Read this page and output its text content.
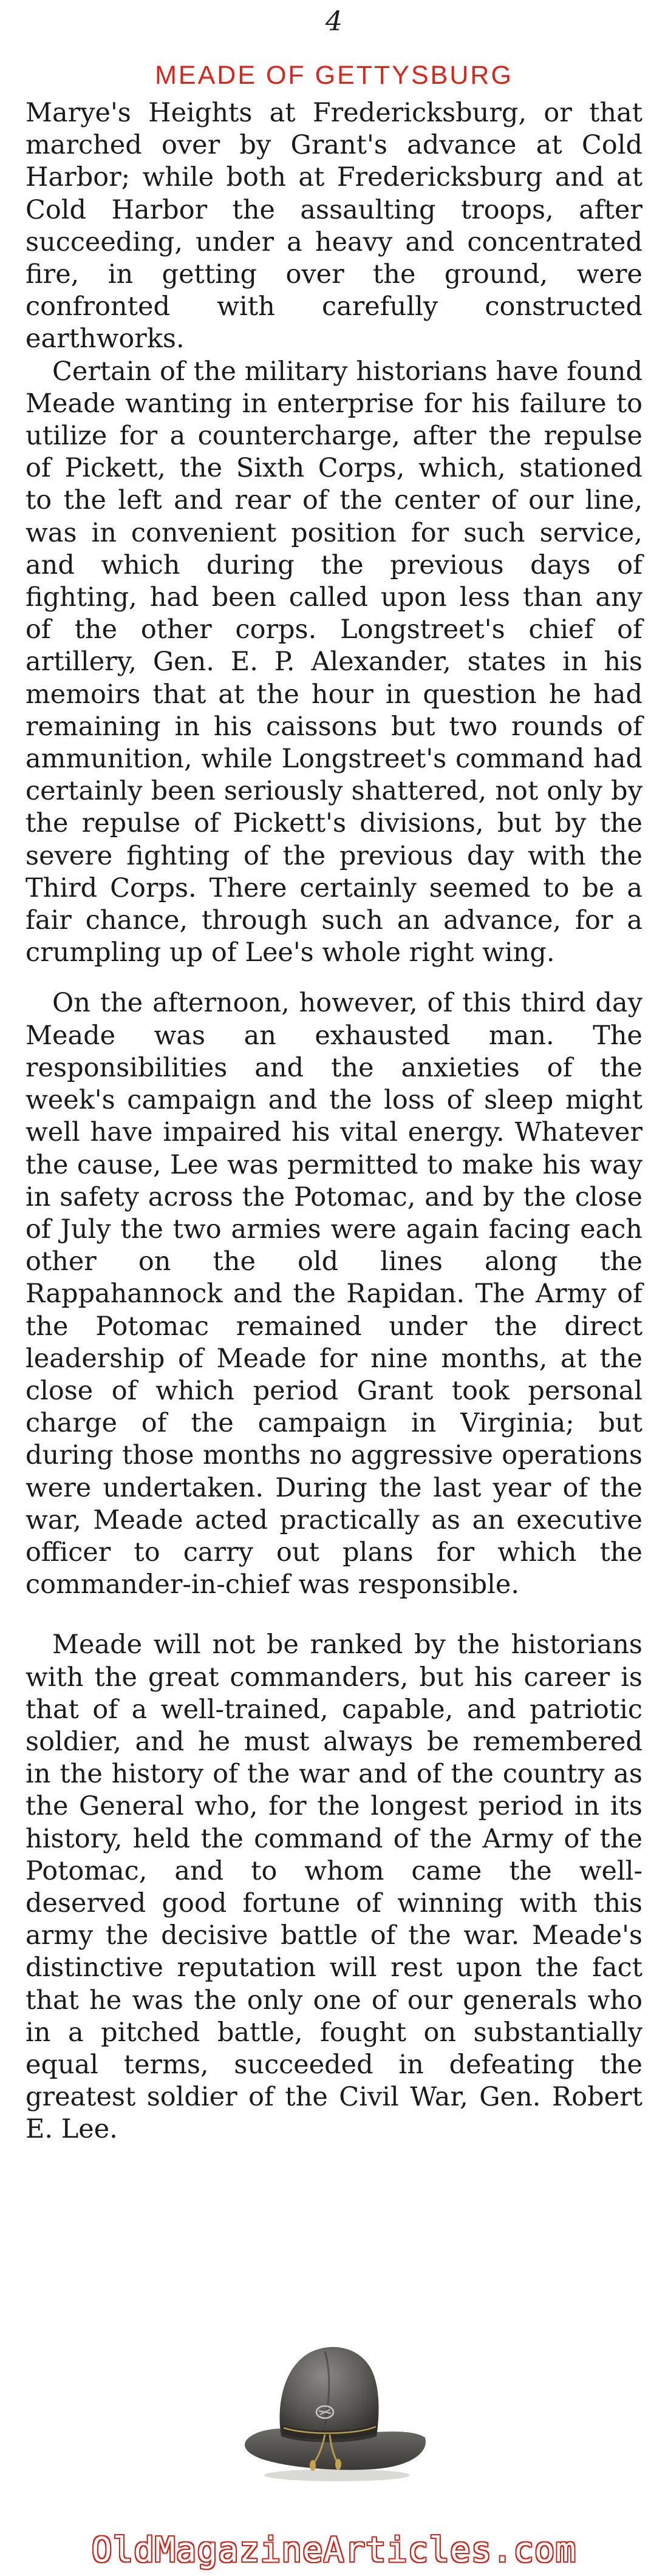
4
MEADE OF GETTYSBURG

Marye's Heights at Fredericksburg, or that marched over by Grant's advance at Cold Harbor; while both at Fredericksburg and at Cold Harbor the assaulting troops, after succeeding, under a heavy and concentrated fire, in getting over the ground, were confronted with carefully constructed earthworks.

Certain of the military historians have found Meade wanting in enterprise for his failure to utilize for a countercharge, after the repulse of Pickett, the Sixth Corps, which, stationed to the left and rear of the center of our line, was in convenient position for such service, and which during the previous days of fighting, had been called upon less than any of the other corps. Longstreet's chief of artillery, Gen. E. P. Alexander, states in his memoirs that at the hour in question he had remaining in his caissons but two rounds of ammunition, while Longstreet's command had certainly been seriously shattered, not only by the repulse of Pickett's divisions, but by the severe fighting of the previous day with the Third Corps. There certainly seemed to be a fair chance, through such an advance, for a crumpling up of Lee's whole right wing.

On the afternoon, however, of this third day Meade was an exhausted man. The responsibilities and the anxieties of the week's campaign and the loss of sleep might well have impaired his vital energy. Whatever the cause, Lee was permitted to make his way in safety across the Potomac, and by the close of July the two armies were again facing each other on the old lines along the Rappahannock and the Rapidan. The Army of the Potomac remained under the direct leadership of Meade for nine months, at the close of which period Grant took personal charge of the campaign in Virginia; but during those months no aggressive operations were undertaken. During the last year of the war, Meade acted practically as an executive officer to carry out plans for which the commander-in-chief was responsible.

Meade will not be ranked by the historians with the great commanders, but his career is that of a well-trained, capable, and patriotic soldier, and he must always be remembered in the history of the war and of the country as the General who, for the longest period in its history, held the command of the Army of the Potomac, and to whom came the well-deserved good fortune of winning with this army the decisive battle of the war. Meade's distinctive reputation will rest upon the fact that he was the only one of our generals who in a pitched battle, fought on substantially equal terms, succeeded in defeating the greatest soldier of the Civil War, Gen. Robert E. Lee.

OldMagazineArticles.com
